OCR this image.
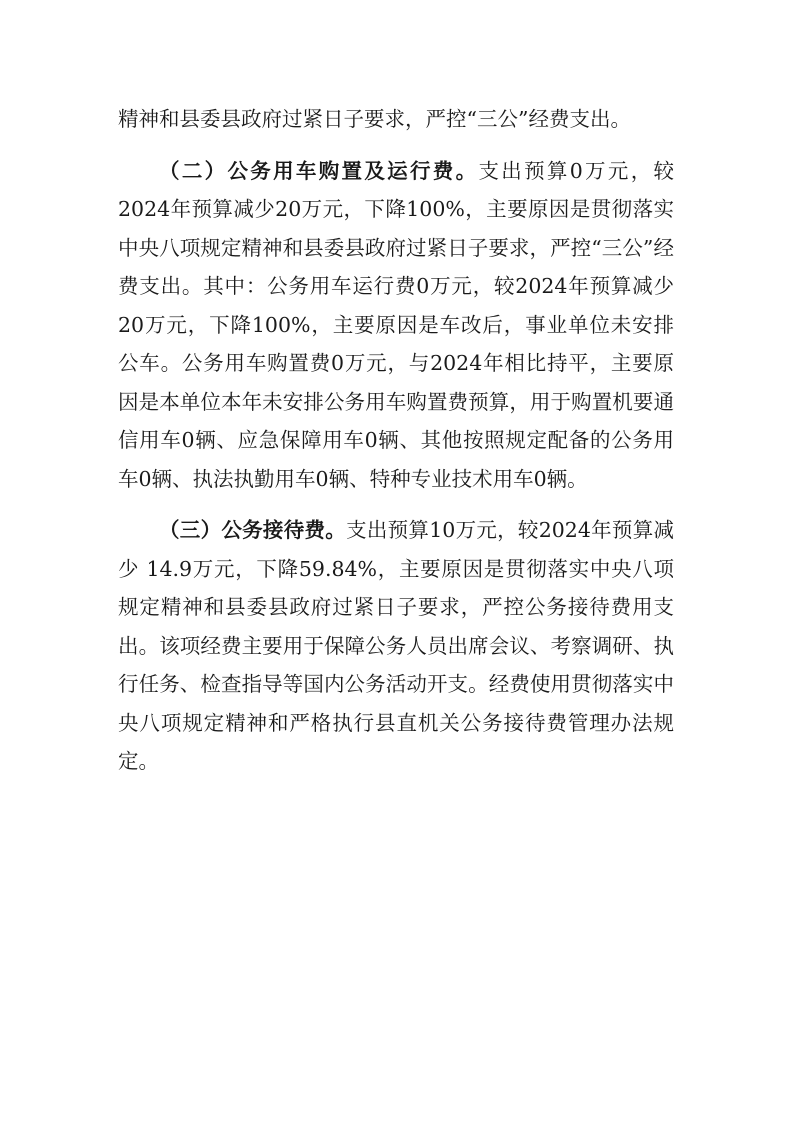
精神和县委县政府过紧日子要求，严控“三公”经费支出。

（二）公务用车购置及运行费。支出预算0万元，较2024年预算减少20万元，下降100%，主要原因是贯彻落实中央八项规定精神和县委县政府过紧日子要求，严控“三公”经费支出。其中：公务用车运行费0万元，较2024年预算减少20万元，下降100%，主要原因是车改后，事业单位未安排公车。公务用车购置费0万元，与2024年相比持平，主要原因是本单位本年未安排公务用车购置费预算，用于购置机要通信用车0辆、应急保障用车0辆、其他按照规定配备的公务用车0辆、执法执勤用车0辆、特种专业技术用车0辆。

（三）公务接待费。支出预算10万元，较2024年预算减少 14.9万元，下降59.84%，主要原因是贯彻落实中央八项规定精神和县委县政府过紧日子要求，严控公务接待费用支出。该项经费主要用于保障公务人员出席会议、考察调研、执行任务、检查指导等国内公务活动开支。经费使用贯彻落实中央八项规定精神和严格执行县直机关公务接待费管理办法规定。
